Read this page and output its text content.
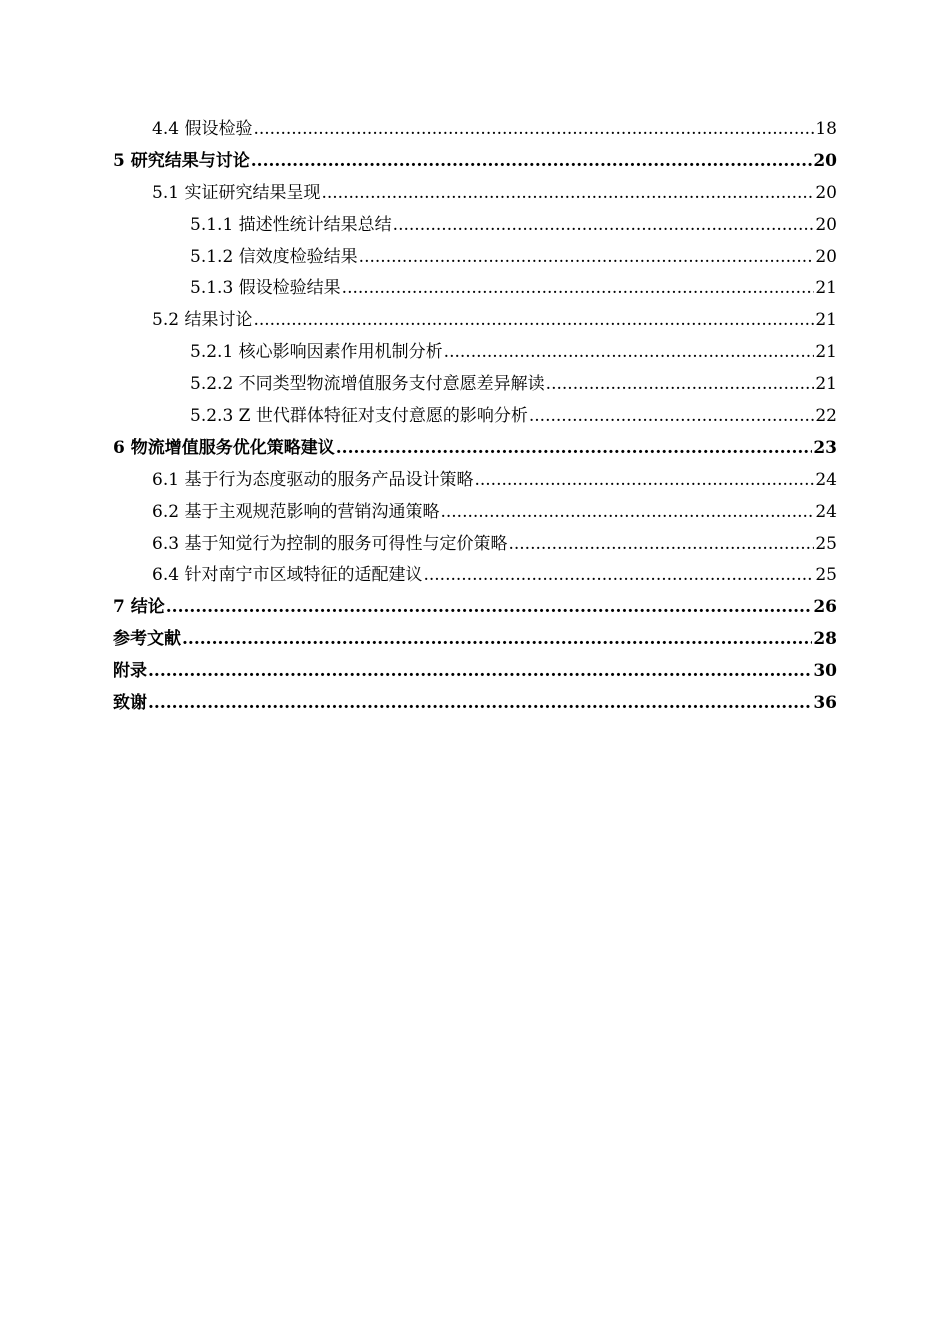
4.4 假设检验 .....	18
5 研究结果与讨论 .....	20
5.1 实证研究结果呈现 .....	20
5.1.1 描述性统计结果总结 .....	20
5.1.2 信效度检验结果 .....	20
5.1.3 假设检验结果 .....	21
5.2 结果讨论 .....	21
5.2.1 核心影响因素作用机制分析 .....	21
5.2.2 不同类型物流增值服务支付意愿差异解读 .....	21
5.2.3 Z 世代群体特征对支付意愿的影响分析 .....	22
6 物流增值服务优化策略建议 .....	23
6.1 基于行为态度驱动的服务产品设计策略 .....	24
6.2 基于主观规范影响的营销沟通策略 .....	24
6.3 基于知觉行为控制的服务可得性与定价策略 .....	25
6.4 针对南宁市区域特征的适配建议 .....	25
7 结论 .....	26
参考文献 .....	28
附录 .....	30
致谢 .....	36
